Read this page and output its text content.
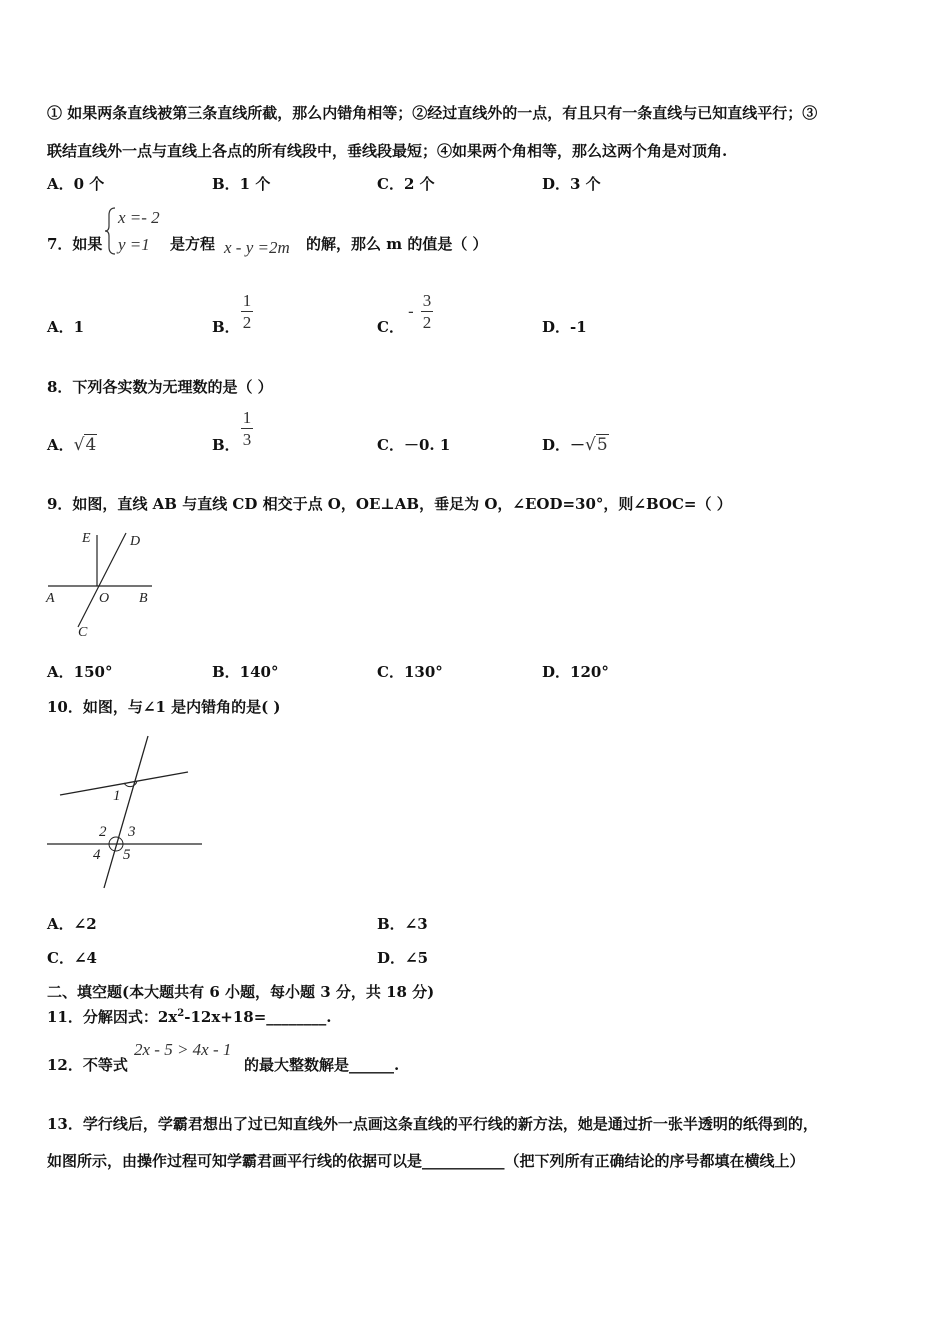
① 如果两条直线被第三条直线所截，那么内错角相等；②经过直线外的一点，有且只有一条直线与已知直线平行；③
联结直线外一点与直线上各点的所有线段中，垂线段最短；④如果两个角相等，那么这两个角是对顶角.
A．0 个	B．1 个	C．2 个	D．3 个
7．如果
x =- 2
y =1 是方程 x - y =2m 的解，那么 m 的值是（ ）
A．1	B．
1
2	C．
-
3
2	D．-1
8．下列各实数为无理数的是（ ）
A．√4	B．
1
3	C．－0. 1	D．－√5
9．如图，直线 AB 与直线 CD 相交于点 O，OE⊥AB，垂足为 O，∠EOD=30°，则∠BOC=（ ）
E	D
A	O B
C
A．150°	B．140°	C．130°	D．120°
10．如图，与∠1 是内错角的是( )
1
2 3
4 5
A．∠2	B．∠3
C．∠4	D．∠5
二、填空题(本大题共有 6 小题，每小题 3 分，共 18 分)
11．分解因式：$2x^2-12x+18=\_\_\_\_\_\_\_\_$.
12．不等式
2x - 5 > 4x - 1
的最大整数解是______.
13．学行线后，学霸君想出了过已知直线外一点画这条直线的平行线的新方法，她是通过折一张半透明的纸得到的，
如图所示，由操作过程可知学霸君画平行线的依据可以是___________（把下列所有正确结论的序号都填在横线上）
